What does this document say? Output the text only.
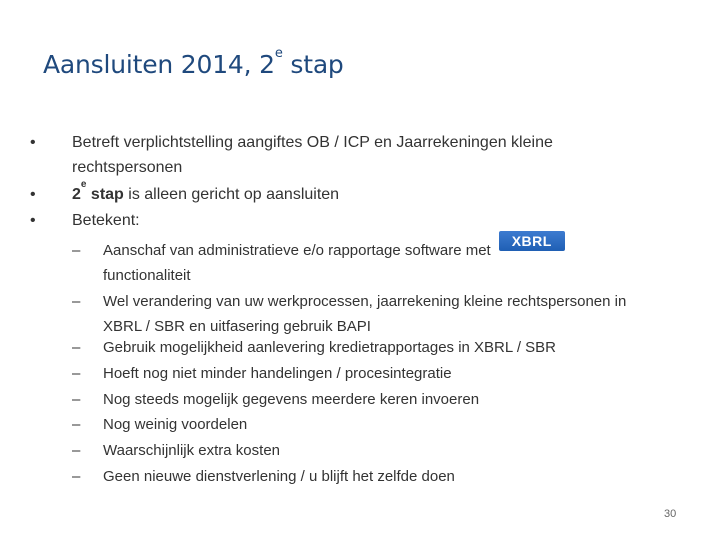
Aansluiten 2014, 2e stap
•	Betreft verplichtstelling aangiftes OB / ICP en Jaarrekeningen kleine
rechtspersonen
•	2e stap is alleen gericht op aansluiten
•	Betekent:
–	Aanschaf van administratieve e/o rapportage software metXBRL
functionaliteit
–	Wel verandering van uw werkprocessen, jaarrekening kleine rechtspersonen in
XBRL / SBR en uitfasering gebruik BAPI
–	Gebruik mogelijkheid aanlevering kredietrapportages in XBRL / SBR
–	Hoeft nog niet minder handelingen / procesintegratie
–	Nog steeds mogelijk gegevens meerdere keren invoeren
–	Nog weinig voordelen
–	Waarschijnlijk extra kosten
–	Geen nieuwe dienstverlening / u blijft het zelfde doen
30
